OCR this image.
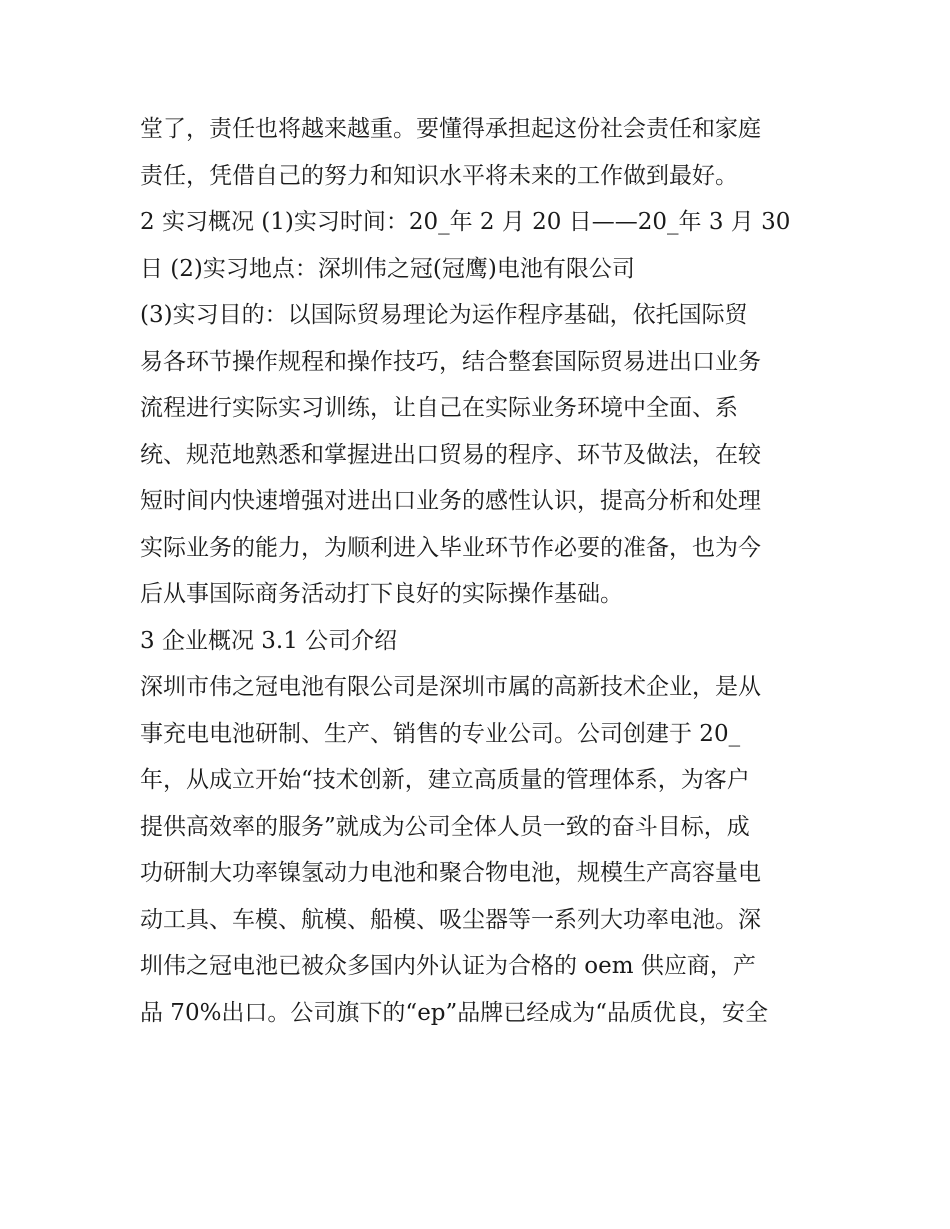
堂了，责任也将越来越重。要懂得承担起这份社会责任和家庭
责任，凭借自己的努力和知识水平将未来的工作做到最好。
2 实习概况 (1)实习时间：20_年 2 月 20 日——20_年 3 月 30
日 (2)实习地点：深圳伟之冠(冠鹰)电池有限公司
(3)实习目的：以国际贸易理论为运作程序基础，依托国际贸
易各环节操作规程和操作技巧，结合整套国际贸易进出口业务
流程进行实际实习训练，让自己在实际业务环境中全面、系
统、规范地熟悉和掌握进出口贸易的程序、环节及做法，在较
短时间内快速增强对进出口业务的感性认识，提高分析和处理
实际业务的能力，为顺利进入毕业环节作必要的准备，也为今
后从事国际商务活动打下良好的实际操作基础。
3 企业概况 3.1 公司介绍
深圳市伟之冠电池有限公司是深圳市属的高新技术企业，是从
事充电电池研制、生产、销售的专业公司。公司创建于 20_
年，从成立开始“技术创新，建立高质量的管理体系，为客户
提供高效率的服务”就成为公司全体人员一致的奋斗目标，成
功研制大功率镍氢动力电池和聚合物电池，规模生产高容量电
动工具、车模、航模、船模、吸尘器等一系列大功率电池。深
圳伟之冠电池已被众多国内外认证为合格的 oem 供应商，产
品 70%出口。公司旗下的“ep”品牌已经成为“品质优良，安全
